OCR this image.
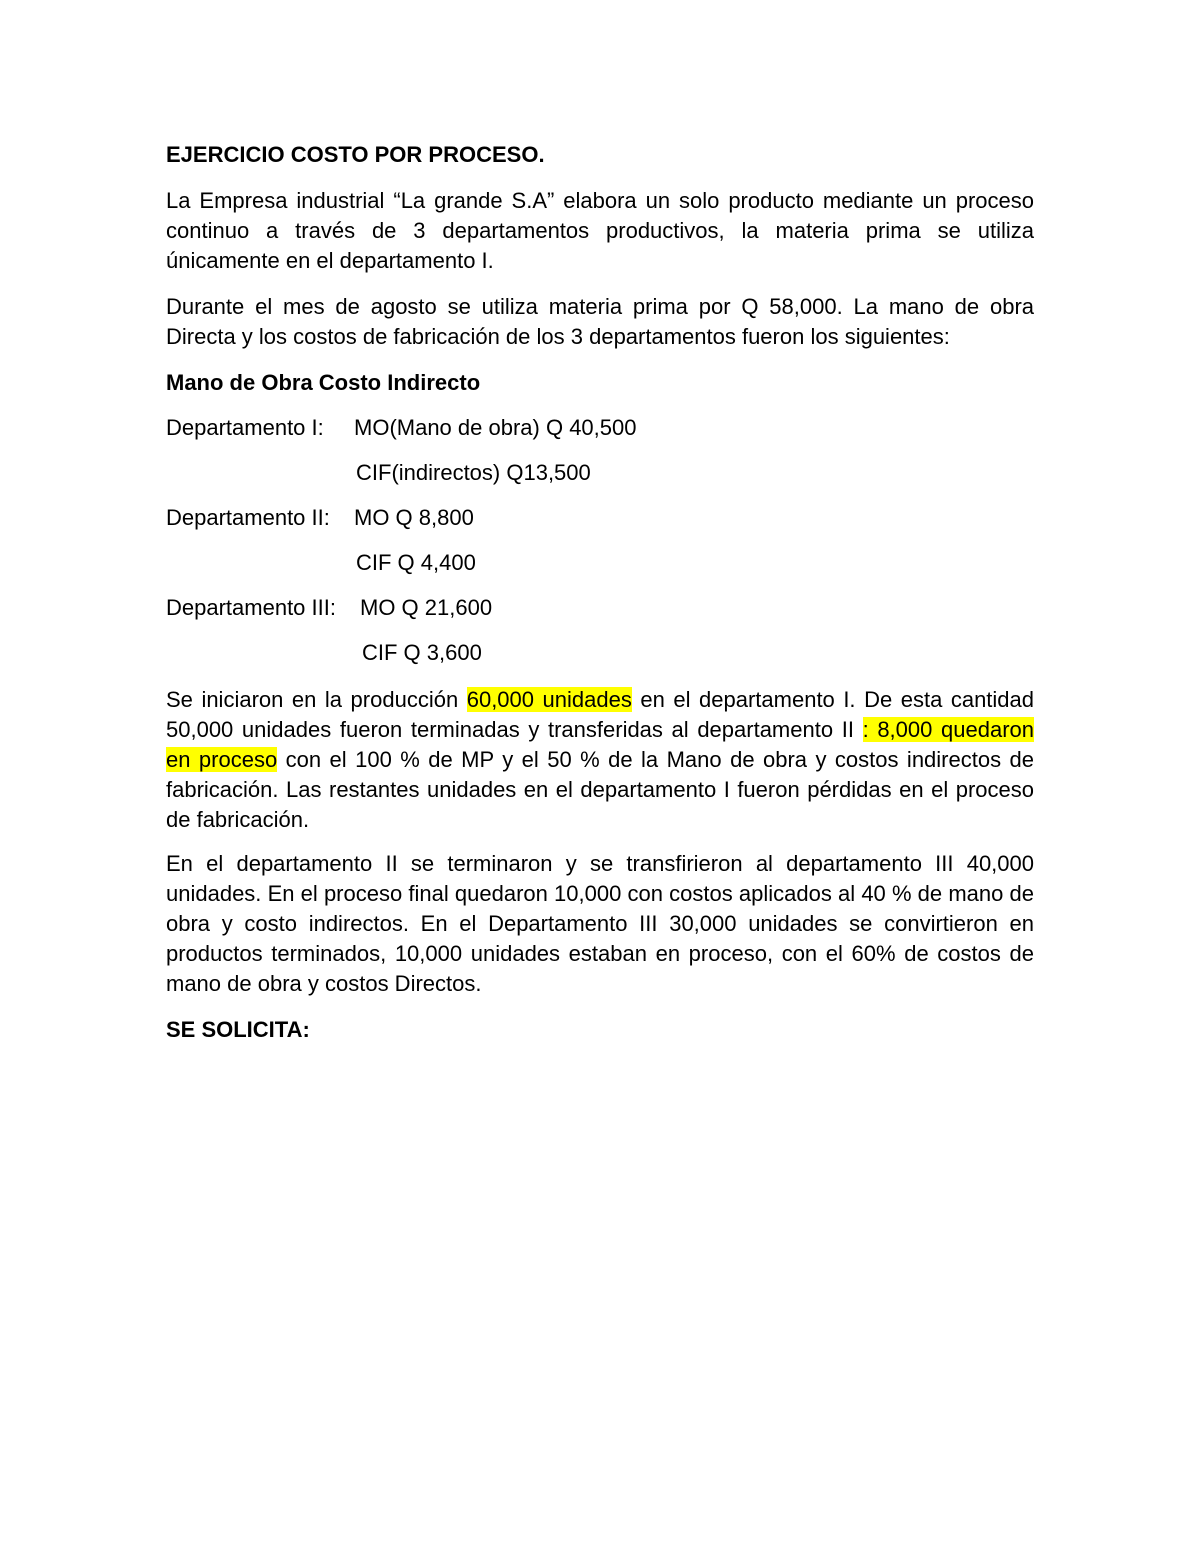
EJERCICIO COSTO POR PROCESO.

La Empresa industrial “La grande S.A” elabora un solo producto mediante un proceso continuo a través de 3 departamentos productivos, la materia prima se utiliza únicamente en el departamento I.

Durante el mes de agosto se utiliza materia prima por Q 58,000. La mano de obra Directa y los costos de fabricación de los 3 departamentos fueron los siguientes:

Mano de Obra Costo Indirecto

Departamento I: MO(Mano de obra) Q 40,500
CIF(indirectos) Q13,500
Departamento II: MO Q 8,800
CIF Q 4,400
Departamento III: MO Q 21,600
CIF Q 3,600

Se iniciaron en la producción 60,000 unidades en el departamento I. De esta cantidad 50,000 unidades fueron terminadas y transferidas al departamento II : 8,000 quedaron en proceso con el 100 % de MP y el 50 % de la Mano de obra y costos indirectos de fabricación. Las restantes unidades en el departamento I fueron pérdidas en el proceso de fabricación.

En el departamento II se terminaron y se transfirieron al departamento III 40,000 unidades. En el proceso final quedaron 10,000 con costos aplicados al 40 % de mano de obra y costo indirectos. En el Departamento III 30,000 unidades se convirtieron en productos terminados, 10,000 unidades estaban en proceso, con el 60% de costos de mano de obra y costos Directos.

SE SOLICITA:
